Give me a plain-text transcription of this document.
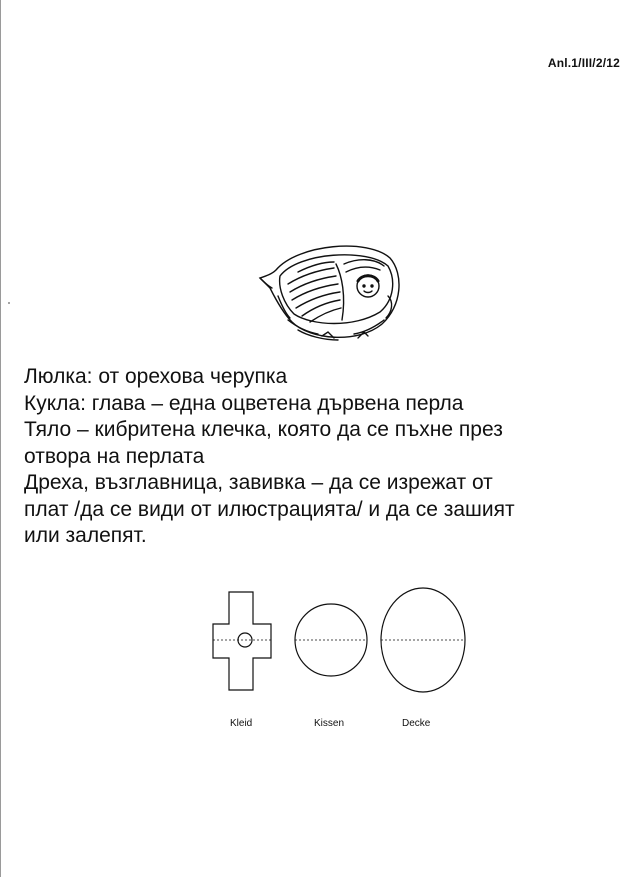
Anl.1/III/2/12
Люлка: от орехова черупка
Кукла: глава – една оцветена дървена перла
Тяло – кибритена клечка, която да се пъхне през
отвора на перлата
Дреха, възглавница, завивка – да се изрежат от
плат /да се види от илюстрацията/ и да се зашият
или залепят.
Kleid	Kissen	Decke
